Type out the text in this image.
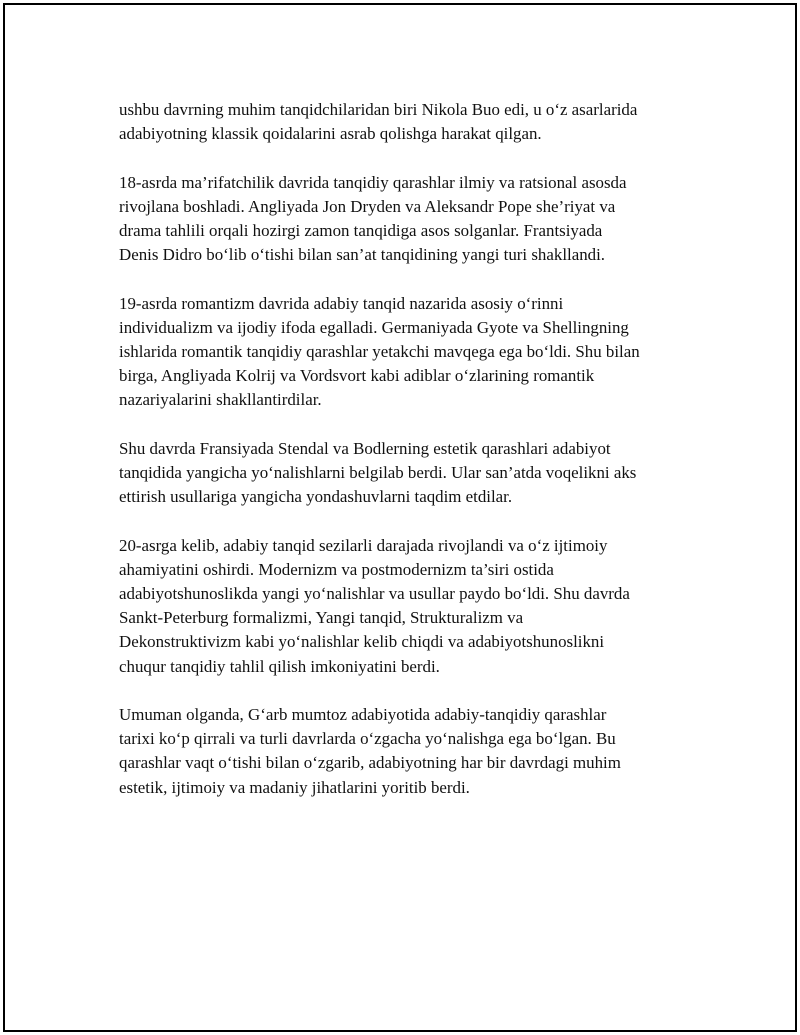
ushbu davrning muhim tanqidchilaridan biri Nikola Buo edi, u o‘z asarlarida
adabiyotning klassik qoidalarini asrab qolishga harakat qilgan.

18-asrda ma’rifatchilik davrida tanqidiy qarashlar ilmiy va ratsional asosda
rivojlana boshladi. Angliyada Jon Dryden va Aleksandr Pope she’riyat va
drama tahlili orqali hozirgi zamon tanqidiga asos solganlar. Frantsiyada
Denis Didro bo‘lib o‘tishi bilan san’at tanqidining yangi turi shakllandi.

19-asrda romantizm davrida adabiy tanqid nazarida asosiy o‘rinni
individualizm va ijodiy ifoda egalladi. Germaniyada Gyote va Shellingning
ishlarida romantik tanqidiy qarashlar yetakchi mavqega ega bo‘ldi. Shu bilan
birga, Angliyada Kolrij va Vordsvort kabi adiblar o‘zlarining romantik
nazariyalarini shakllantirdilar.

Shu davrda Fransiyada Stendal va Bodlerning estetik qarashlari adabiyot
tanqidida yangicha yo‘nalishlarni belgilab berdi. Ular san’atda voqelikni aks
ettirish usullariga yangicha yondashuvlarni taqdim etdilar.

20-asrga kelib, adabiy tanqid sezilarli darajada rivojlandi va o‘z ijtimoiy
ahamiyatini oshirdi. Modernizm va postmodernizm ta’siri ostida
adabiyotshunoslikda yangi yo‘nalishlar va usullar paydo bo‘ldi. Shu davrda
Sankt-Peterburg formalizmi, Yangi tanqid, Strukturalizm va
Dekonstruktivizm kabi yo‘nalishlar kelib chiqdi va adabiyotshunoslikni
chuqur tanqidiy tahlil qilish imkoniyatini berdi.

Umuman olganda, G‘arb mumtoz adabiyotida adabiy-tanqidiy qarashlar
tarixi ko‘p qirrali va turli davrlarda o‘zgacha yo‘nalishga ega bo‘lgan. Bu
qarashlar vaqt o‘tishi bilan o‘zgarib, adabiyotning har bir davrdagi muhim
estetik, ijtimoiy va madaniy jihatlarini yoritib berdi.
